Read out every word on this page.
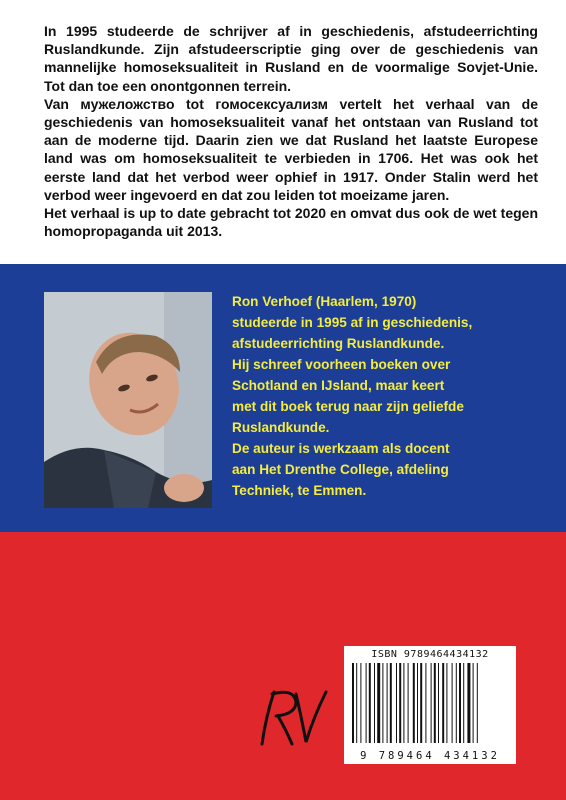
In 1995 studeerde de schrijver af in geschiedenis, afstudeerrichting Ruslandkunde. Zijn afstudeerscriptie ging over de geschiedenis van mannelijke homoseksualiteit in Rusland en de voormalige Sovjet-Unie. Tot dan toe een onontgonnen terrein.

Van мужеложство tot гомосексуализм vertelt het verhaal van de geschiedenis van homoseksualiteit vanaf het ontstaan van Rusland tot aan de moderne tijd. Daarin zien we dat Rusland het laatste Europese land was om homoseksualiteit te verbieden in 1706. Het was ook het eerste land dat het verbod weer ophief in 1917. Onder Stalin werd het verbod weer ingevoerd en dat zou leiden tot moeizame jaren.

Het verhaal is up to date gebracht tot 2020 en omvat dus ook de wet tegen homopropaganda uit 2013.

Ron Verhoef (Haarlem, 1970)
studeerde in 1995 af in geschiedenis,
afstudeerrichting Ruslandkunde.
Hij schreef voorheen boeken over
Schotland en IJsland, maar keert
met dit boek terug naar zijn geliefde
Ruslandkunde.
De auteur is werkzaam als docent
aan Het Drenthe College, afdeling
Techniek, te Emmen.
ISBN 9789464434132
9 789464 434132
